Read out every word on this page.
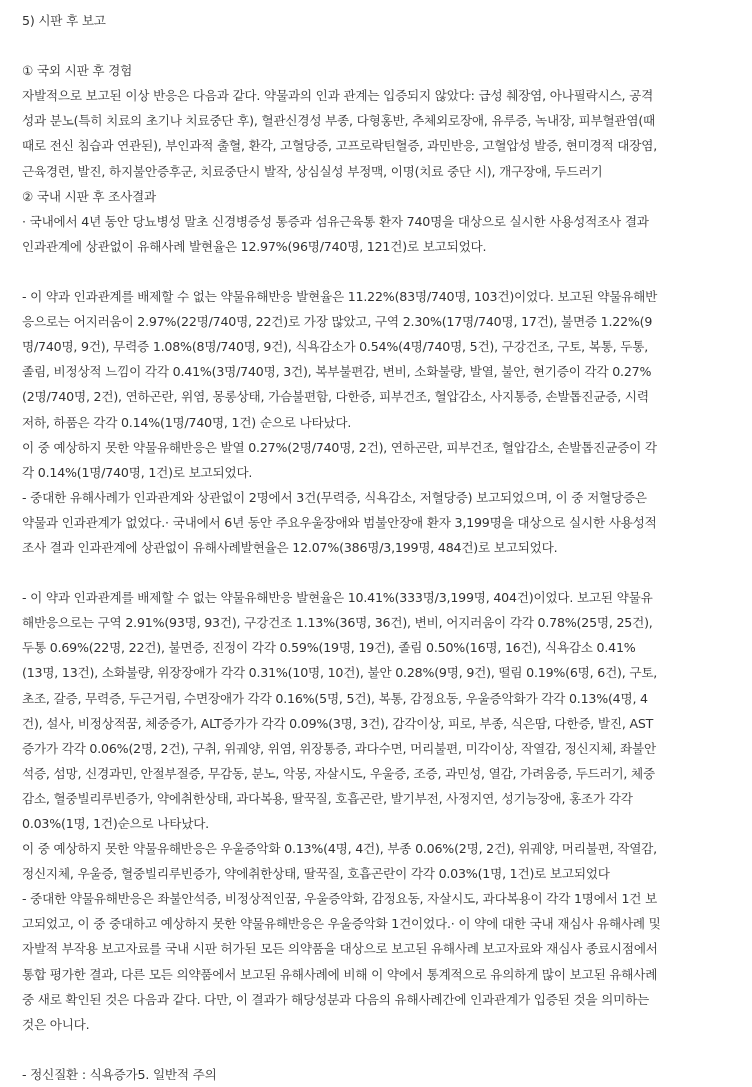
5) 시판 후 보고
① 국외 시판 후 경험
자발적으로 보고된 이상 반응은 다음과 같다. 약물과의 인과 관계는 입증되지 않았다: 급성 췌장염, 아나필락시스, 공격
성과 분노(특히 치료의 초기나 치료중단 후), 혈관신경성 부종, 다형홍반, 추체외로장애, 유루증, 녹내장, 피부혈관염(때
때로 전신 침습과 연관된), 부인과적 출혈, 환각, 고혈당증, 고프로락틴혈증, 과민반응, 고혈압성 발증, 현미경적 대장염,
근육경련, 발진, 하지불안증후군, 치료중단시 발작, 상심실성 부정맥, 이명(치료 중단 시), 개구장애, 두드러기
② 국내 시판 후 조사결과
· 국내에서 4년 동안 당뇨병성 말초 신경병증성 통증과 섬유근육통 환자 740명을 대상으로 실시한 사용성적조사 결과
인과관계에 상관없이 유해사례 발현율은 12.97%(96명/740명, 121건)로 보고되었다.
- 이 약과 인과관계를 배제할 수 없는 약물유해반응 발현율은 11.22%(83명/740명, 103건)이었다. 보고된 약물유해반
응으로는 어지러움이 2.97%(22명/740명, 22건)로 가장 많았고, 구역 2.30%(17명/740명, 17건), 불면증 1.22%(9
명/740명, 9건), 무력증 1.08%(8명/740명, 9건), 식욕감소가 0.54%(4명/740명, 5건), 구강건조, 구토, 복통, 두통,
졸림, 비정상적 느낌이 각각 0.41%(3명/740명, 3건), 복부불편감, 변비, 소화불량, 발열, 불안, 현기증이 각각 0.27%
(2명/740명, 2건), 연하곤란, 위염, 몽롱상태, 가슴불편함, 다한증, 피부건조, 혈압감소, 사지통증, 손발톱진균증, 시력
저하, 하품은 각각 0.14%(1명/740명, 1건) 순으로 나타났다.
이 중 예상하지 못한 약물유해반응은 발열 0.27%(2명/740명, 2건), 연하곤란, 피부건조, 혈압감소, 손발톱진균증이 각
각 0.14%(1명/740명, 1건)로 보고되었다.
- 중대한 유해사례가 인과관계와 상관없이 2명에서 3건(무력증, 식욕감소, 저혈당증) 보고되었으며, 이 중 저혈당증은
약물과 인과관계가 없었다.· 국내에서 6년 동안 주요우울장애와 범불안장애 환자 3,199명을 대상으로 실시한 사용성적
조사 결과 인과관계에 상관없이 유해사례발현율은 12.07%(386명/3,199명, 484건)로 보고되었다.
- 이 약과 인과관계를 배제할 수 없는 약물유해반응 발현율은 10.41%(333명/3,199명, 404건)이었다. 보고된 약물유
해반응으로는 구역 2.91%(93명, 93건), 구강건조 1.13%(36명, 36건), 변비, 어지러움이 각각 0.78%(25명, 25건),
두통 0.69%(22명, 22건), 불면증, 진정이 각각 0.59%(19명, 19건), 졸림 0.50%(16명, 16건), 식욕감소 0.41%
(13명, 13건), 소화불량, 위장장애가 각각 0.31%(10명, 10건), 불안 0.28%(9명, 9건), 떨림 0.19%(6명, 6건), 구토,
초조, 갈증, 무력증, 두근거림, 수면장애가 각각 0.16%(5명, 5건), 복통, 감정요동, 우울증악화가 각각 0.13%(4명, 4
건), 설사, 비정상적꿈, 체중증가, ALT증가가 각각 0.09%(3명, 3건), 감각이상, 피로, 부종, 식은땀, 다한증, 발진, AST
증가가 각각 0.06%(2명, 2건), 구취, 위궤양, 위염, 위장통증, 과다수면, 머리불편, 미각이상, 작열감, 정신지체, 좌불안
석증, 섬망, 신경과민, 안절부절증, 무감동, 분노, 악몽, 자살시도, 우울증, 조증, 과민성, 열감, 가려움증, 두드러기, 체중
감소, 혈중빌리루빈증가, 약에취한상태, 과다복용, 딸꾹질, 호흡곤란, 발기부전, 사정지연, 성기능장애, 홍조가 각각
0.03%(1명, 1건)순으로 나타났다.
이 중 예상하지 못한 약물유해반응은 우울증악화 0.13%(4명, 4건), 부종 0.06%(2명, 2건), 위궤양, 머리불편, 작열감,
정신지체, 우울증, 혈중빌리루빈증가, 약에취한상태, 딸꾹질, 호흡곤란이 각각 0.03%(1명, 1건)로 보고되었다
- 중대한 약물유해반응은 좌불안석증, 비정상적인꿈, 우울증악화, 감정요동, 자살시도, 과다복용이 각각 1명에서 1건 보
고되었고, 이 중 중대하고 예상하지 못한 약물유해반응은 우울증악화 1건이었다.· 이 약에 대한 국내 재심사 유해사례 및
자발적 부작용 보고자료를 국내 시판 허가된 모든 의약품을 대상으로 보고된 유해사례 보고자료와 재심사 종료시점에서
통합 평가한 결과, 다른 모든 의약품에서 보고된 유해사례에 비해 이 약에서 통계적으로 유의하게 많이 보고된 유해사례
중 새로 확인된 것은 다음과 같다. 다만, 이 결과가 해당성분과 다음의 유해사례간에 인과관계가 입증된 것을 의미하는
것은 아니다.
- 정신질환 : 식욕증가5. 일반적 주의
